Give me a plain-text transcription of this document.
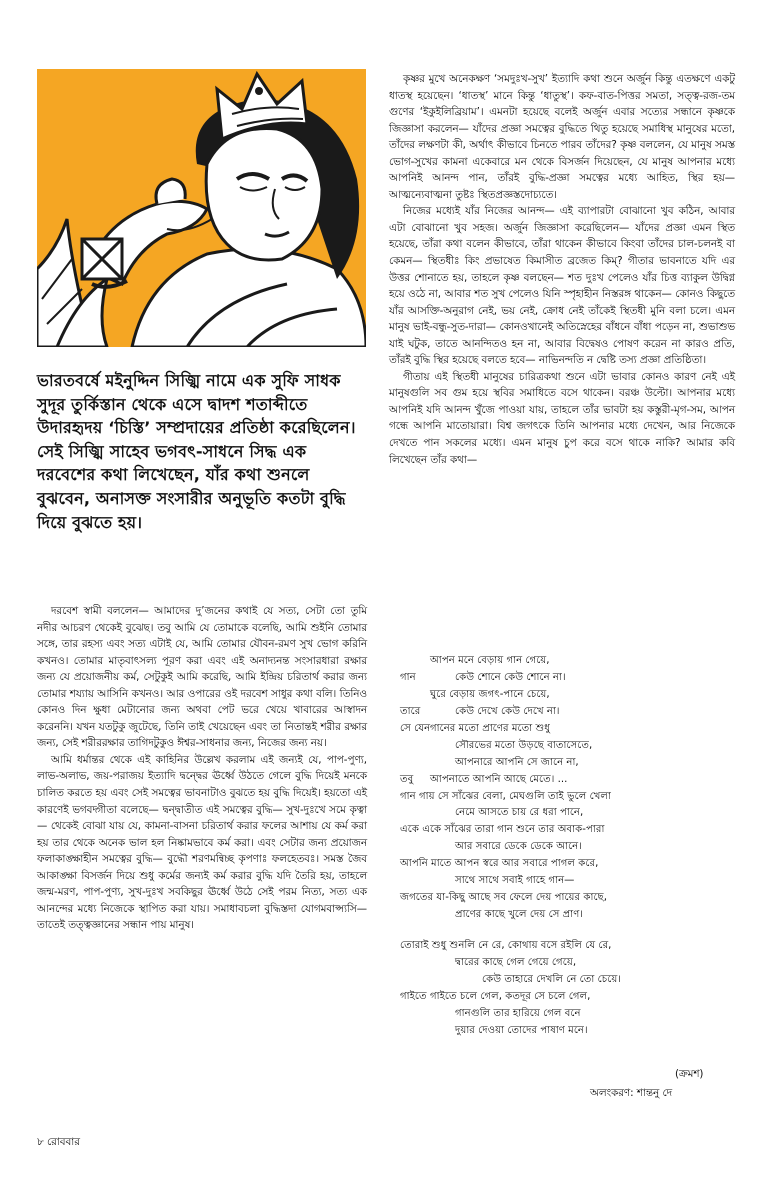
ভারতবর্ষে মইনুদ্দিন সিজ্ঝি নামে এক সুফি সাধক সুদূর তুর্কিস্তান থেকে এসে দ্বাদশ শতাব্দীতে উদারহৃদয় ‘চিস্তি’ সম্প্রদায়ের প্রতিষ্ঠা করেছিলেন। সেই সিজ্ঝি সাহেব ভগবৎ-সাধনে সিদ্ধ এক দরবেশের কথা লিখেছেন, যাঁর কথা শুনলে বুঝবেন, অনাসক্ত সংসারীর অনুভূতি কতটা বুদ্ধি দিয়ে বুঝতে হয়।

কৃষ্ণর মুখে অনেকক্ষণ ‘সমদুঃখ-সুখ’ ইত্যাদি কথা শুনে অর্জুন কিন্তু এতক্ষণে একটু ধাতস্থ হয়েছেন। ‘ধাতস্থ’ মানে কিন্তু ‘ধাতুস্থ’। কফ-বাত-পিত্তর সমতা, সত্ত্ব-রজ-তম গুণের ‘ইকুইলিব্রিয়াম’। এমনটা হয়েছে বলেই অর্জুন এবার সত্যের সন্ধানে কৃষ্ণকে জিজ্ঞাসা করলেন— যাঁদের প্রজ্ঞা সমত্বের বুদ্ধিতে থিতু হয়েছে সমাধিস্থ মানুষের মতো, তাঁদের লক্ষণটা কী, অর্থাৎ কীভাবে চিনতে পারব তাঁদের? কৃষ্ণ বললেন, যে মানুষ সমস্ত ভোগ-সুখের কামনা একেবারে মন থেকে বিসর্জন দিয়েছেন, যে মানুষ আপনার মধ্যে আপনিই আনন্দ পান, তাঁরই বুদ্ধি-প্রজ্ঞা সমত্বের মধ্যে আহিত, স্থির হয়— আত্মন্যেবাত্মনা তুষ্টঃ স্থিতপ্রজ্ঞস্তদোচ্যতে।

নিজের মধ্যেই যাঁর নিজের আনন্দ— এই ব্যাপারটা বোঝানো খুব কঠিন, আবার এটা বোঝানো খুব সহজ। অর্জুন জিজ্ঞাসা করেছিলেন— যাঁদের প্রজ্ঞা এমন স্থিত হয়েছে, তাঁরা কথা বলেন কীভাবে, তাঁরা থাকেন কীভাবে কিংবা তাঁদের চাল-চলনই বা কেমন— স্থিতধীঃ কিং প্রভাষেত কিমাসীত ব্রজেত কিম্? গীতার ভাবনাতে যদি এর উত্তর শোনাতে হয়, তাহলে কৃষ্ণ বলছেন— শত দুঃখ পেলেও যাঁর চিত্ত ব্যাকুল উদ্বিগ্ন হয়ে ওঠে না, আবার শত সুখ পেলেও যিনি স্পৃহাহীন নিস্তরঙ্গ থাকেন— কোনও কিছুতে যাঁর আসক্তি-অনুরাগ নেই, ভয় নেই, ক্রোধ নেই তাঁকেই স্থিতধী মুনি বলা চলে। এমন মানুষ ভাই-বন্ধু-সুত-দারা— কোনওখানেই অতিস্নেহের বাঁধনে বাঁধা পড়েন না, শুভাশুভ যাই ঘটুক, তাতে আনন্দিতও হন না, আবার বিদ্বেষও পোষণ করেন না কারও প্রতি, তাঁরই বুদ্ধি স্থির হয়েছে বলতে হবে— নাভিনন্দতি ন দ্বেষ্টি তস্য প্রজ্ঞা প্রতিষ্ঠিতা।

গীতায় এই স্থিতধী মানুষের চারিত্রকথা শুনে এটা ভাবার কোনও কারণ নেই এই মানুষগুলি সব গুম হয়ে স্থবির সমাধিতে বসে থাকেন। বরঞ্চ উল্টো। আপনার মধ্যে আপনিই যদি আনন্দ খুঁজে পাওয়া যায়, তাহলে তাঁর ভাবটা হয় কস্তুরী-মৃগ-সম, আপন গন্ধে আপনি মাতোয়ারা। বিশ্ব জগৎকে তিনি আপনার মধ্যে দেখেন, আর নিজেকে দেখতে পান সকলের মধ্যে। এমন মানুষ চুপ করে বসে থাকে নাকি? আমার কবি লিখেছেন তাঁর কথা—

আপন মনে বেড়ায় গান গেয়ে,
গান	কেউ শোনে কেউ শোনে না।
ঘুরে বেড়ায় জগৎ-পানে চেয়ে,
তারে	কেউ দেখে কেউ দেখে না।
সে যেন গানের মতো প্রাণের মতো শুধু
সৌরভের মতো উড়ছে বাতাসেতে,
আপনারে আপনি সে জানে না,
তবু আপনাতে আপনি আছে মেতে। ...
গান গায় সে সাঁঝের বেলা, মেঘগুলি তাই ভুলে খেলা
নেমে আসতে চায় রে ধরা পানে,
একে একে সাঁঝের তারা গান শুনে তার অবাক-পারা
আর সবারে ডেকে ডেকে আনে।
আপনি মাতে আপন স্বরে আর সবারে পাগল করে,
সাথে সাথে সবাই গাহে গান—
জগতের যা-কিছু আছে সব ফেলে দেয় পায়ের কাছে,
প্রাণের কাছে খুলে দেয় সে প্রাণ।
তোরাই শুধু শুনলি নে রে, কোথায় বসে রইলি যে রে,
দ্বারের কাছে গেল গেয়ে গেয়ে,
কেউ তাহারে দেখলি নে তো চেয়ে।
গাইতে গাইতে চলে গেল, কতদূর সে চলে গেল,
গানগুলি তার হারিয়ে গেল বনে
দুয়ার দেওয়া তোদের পাষাণ মনে।

দরবেশ স্বামী বললেন— আমাদের দু’জনের কথাই যে সত্য, সেটা তো তুমি নদীর আচরণ থেকেই বুঝেছ। তবু আমি যে তোমাকে বলেছি, আমি শুইনি তোমার সঙ্গে, তার রহস্য এবং সত্য এটাই যে, আমি তোমার যৌবন-রমণ সুখ ভোগ করিনি কখনও। তোমার মাতৃবাৎসল্য পূরণ করা এবং এই অনাদ্যনন্ত সংসারধারা রক্ষার জন্য যে প্রয়োজনীয় কর্ম, সেটুকুই আমি করেছি, আমি ইন্দ্রিয় চরিতার্থ করার জন্য তোমার শয্যায় আসিনি কখনও। আর ওপারের ওই দরবেশ সাধুর কথা বলি। তিনিও কোনও দিন ক্ষুধা মেটানোর জন্য অথবা পেট ভরে খেয়ে খাবারের আস্বাদন করেননি। যখন যতটুকু জুটেছে, তিনি তাই খেয়েছেন এবং তা নিতান্তই শরীর রক্ষার জন্য, সেই শরীররক্ষার তাগিদটুকুও ঈশ্বর-সাধনার জন্য, নিজের জন্য নয়।

আমি ধর্মান্তর থেকে এই কাহিনির উল্লেখ করলাম এই জন্যই যে, পাপ-পুণ্য, লাভ-অলাভ, জয়-পরাজয় ইত্যাদি দ্বন্দ্বের ঊর্ধ্বে উঠতে গেলে বুদ্ধি দিয়েই মনকে চালিত করতে হয় এবং সেই সমত্বের ভাবনাটাও বুঝতে হয় বুদ্ধি দিয়েই। হয়তো এই কারণেই ভগবদ্গীতা বলেছে— দ্বন্দ্বাতীত এই সমত্বের বুদ্ধি— সুখ-দুঃখে সমে কৃত্বা— থেকেই বোঝা যায় যে, কামনা-বাসনা চরিতার্থ করার ফলের আশায় যে কর্ম করা হয় তার থেকে অনেক ভাল হল নিষ্কামভাবে কর্ম করা। এবং সেটার জন্য প্রয়োজন ফলাকাঙ্ক্ষাহীন সমত্বের বুদ্ধি— বুদ্ধৌ শরণমন্বিচ্ছ কৃপণাঃ ফলহেতবঃ। সমস্ত জৈব আকাঙ্ক্ষা বিসর্জন দিয়ে শুধু কর্মের জন্যই কর্ম করার বুদ্ধি যদি তৈরি হয়, তাহলে জন্ম-মরণ, পাপ-পুণ্য, সুখ-দুঃখ সবকিছুর ঊর্ধ্বে উঠে সেই পরম নিত্য, সত্য এক আনন্দের মধ্যে নিজেকে স্থাপিত করা যায়। সমাধাবচলা বুদ্ধিস্তদা যোগমবাপ্স্যসি— তাতেই তত্ত্বজ্ঞানের সন্ধান পায় মানুষ।

(ক্রমশ)
অলংকরণ: শান্তনু দে
৮ রোববার
